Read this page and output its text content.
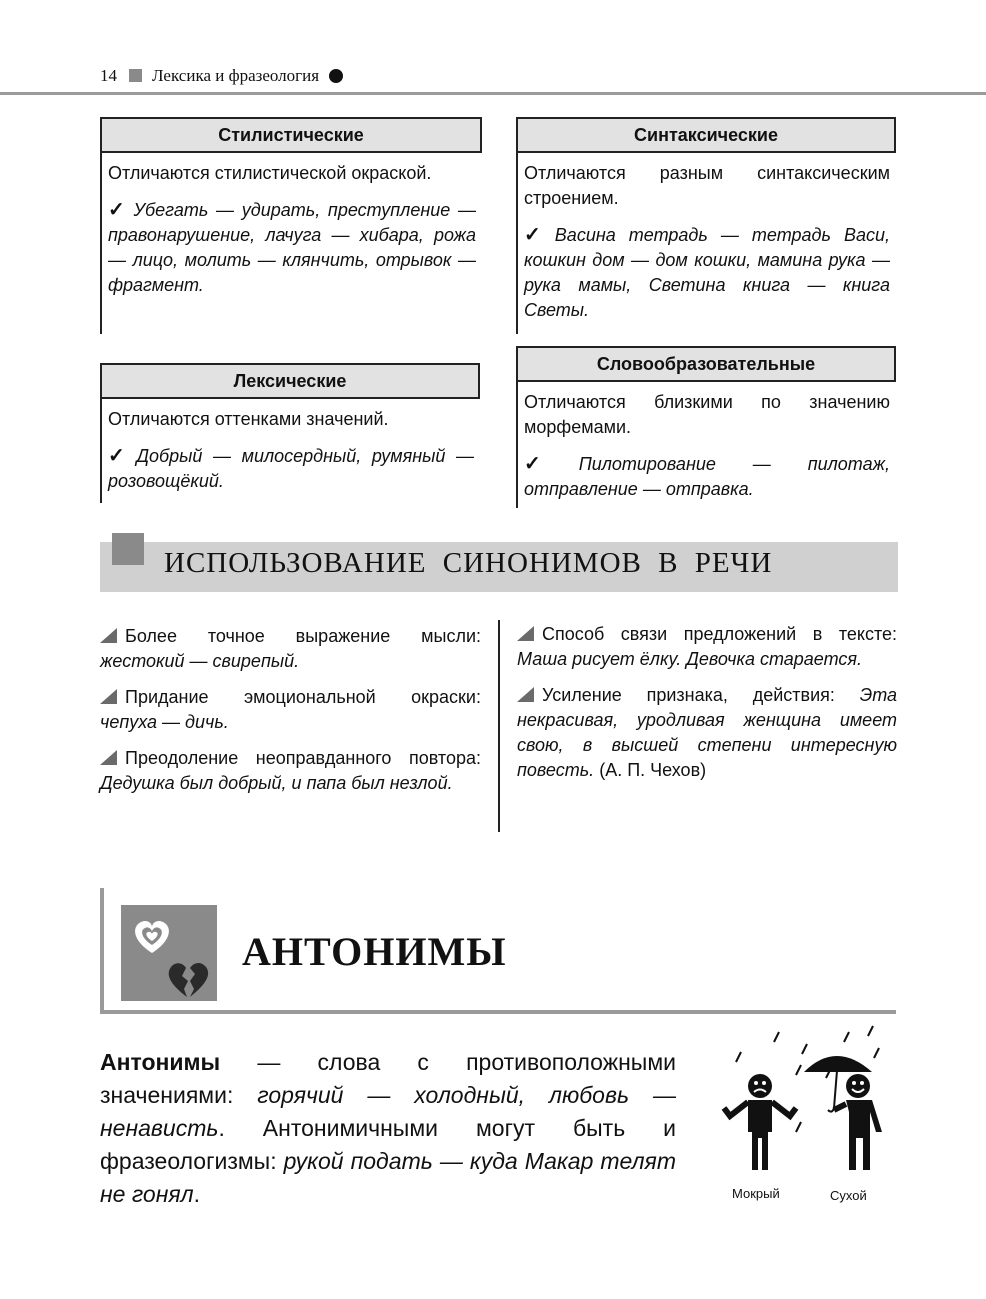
14 Лексика и фразеология
Стилистические

Отличаются стилистической окраской.

✓ Убегать — удирать, преступление — правонарушение, лачуга — хибара, рожа — лицо, молить — клянчить, отрывок — фрагмент.

Синтаксические

Отличаются разным синтаксическим строением.

✓ Васина тетрадь — тетрадь Васи, кошкин дом — дом кошки, мамина рука — рука мамы, Светина книга — книга Светы.

Лексические

Отличаются оттенками значений.

✓ Добрый — милосердный, румяный — розовощёкий.

Словообразовательные

Отличаются близкими по значению морфемами.

✓ Пилотирование — пилотаж, отправление — отправка.

ИСПОЛЬЗОВАНИЕ СИНОНИМОВ В РЕЧИ

Более точное выражение мысли: жестокий — свирепый.

Придание эмоциональной окраски: чепуха — дичь.

Преодоление неоправданного повтора: Дедушка был добрый, и папа был незлой.

Способ связи предложений в тексте: Маша рисует ёлку. Девочка старается.

Усиление признака, действия: Эта некрасивая, уродливая женщина имеет свою, в высшей степени интересную повесть. (А. П. Чехов)

АНТОНИМЫ
Антонимы — слова с противоположными значениями: горячий — холодный, любовь — ненависть. Антонимичными могут быть и фразеологизмы: рукой подать — куда Макар телят не гонял.	Мокрый	Сухой
